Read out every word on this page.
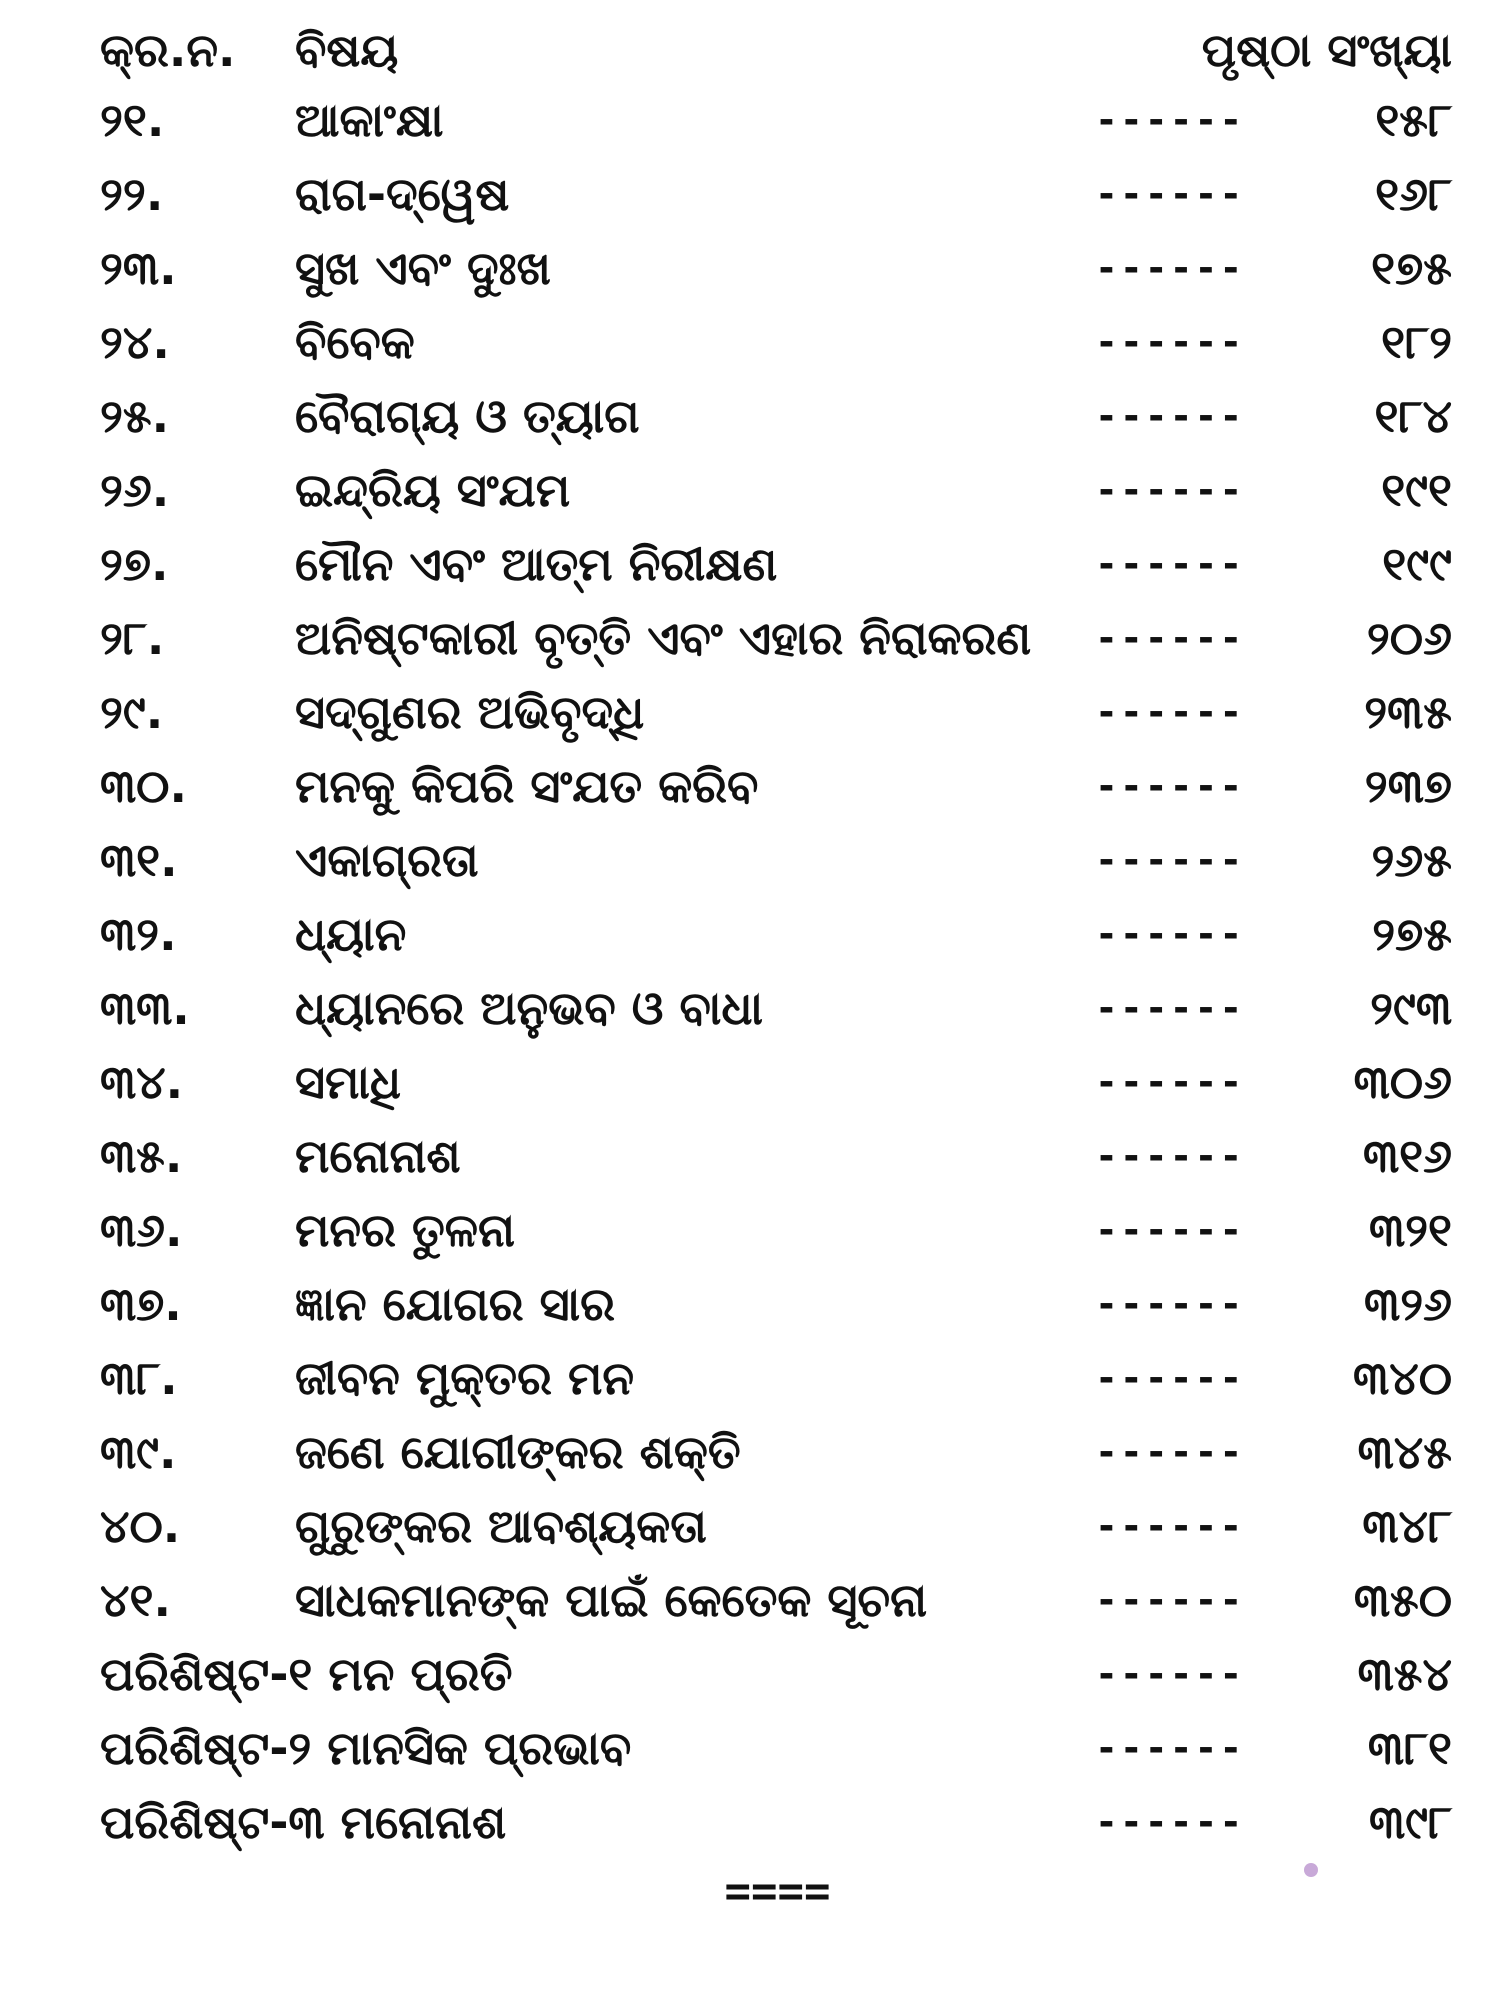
କ୍ର.ନ.	ବିଷୟ	ପୃଷ୍ଠା ସଂଖ୍ୟା
୨୧.	ଆକାଂକ୍ଷା	------	୧୫୮
୨୨.	ରାଗ-ଦ୍ୱେଷ	------	୧୬୮
୨୩.	ସୁଖ ଏବଂ ଦୁଃଖ	------	୧୭୫
୨୪.	ବିବେକ	------	୧୮୨
୨୫.	ବୈରାଗ୍ୟ ଓ ତ୍ୟାଗ	------	୧୮୪
୨୬.	ଇନ୍ଦ୍ରିୟ ସଂଯମ	------	୧୯୧
୨୭.	ମୌନ ଏବଂ ଆତ୍ମ ନିରୀକ୍ଷଣ	------	୧୯୯
୨୮.	ଅନିଷ୍ଟକାରୀ ବୃତ୍ତି ଏବଂ ଏହାର ନିରାକରଣ	------	୨୦୬
୨୯.	ସଦ୍‌ଗୁଣର ଅଭିବୃଦ୍ଧି	------	୨୩୫
୩୦.	ମନକୁ କିପରି ସଂଯତ କରିବ	------	୨୩୭
୩୧.	ଏକାଗ୍ରତା	------	୨୬୫
୩୨.	ଧ୍ୟାନ	------	୨୭୫
୩୩.	ଧ୍ୟାନରେ ଅନୁଭବ ଓ ବାଧା	------	୨୯୩
୩୪.	ସମାଧି	------	୩୦୬
୩୫.	ମନୋନାଶ	------	୩୧୬
୩୬.	ମନର ତୁଳନା	------	୩୨୧
୩୭.	ଜ୍ଞାନ ଯୋଗର ସାର	------	୩୨୬
୩୮.	ଜୀବନ ମୁକ୍ତର ମନ	------	୩୪୦
୩୯.	ଜଣେ ଯୋଗୀଙ୍କର ଶକ୍ତି	------	୩୪୫
୪୦.	ଗୁରୁଙ୍କର ଆବଶ୍ୟକତା	------	୩୪୮
୪୧.	ସାଧକମାନଙ୍କ ପାଇଁ କେତେକ ସୂଚନା	------	୩୫୦
ପରିଶିଷ୍ଟ-୧ ମନ ପ୍ରତି	------	୩୫୪
ପରିଶିଷ୍ଟ-୨ ମାନସିକ ପ୍ରଭାବ	------	୩୮୧
ପରିଶିଷ୍ଟ-୩ ମନୋନାଶ	------	୩୯୮
====
